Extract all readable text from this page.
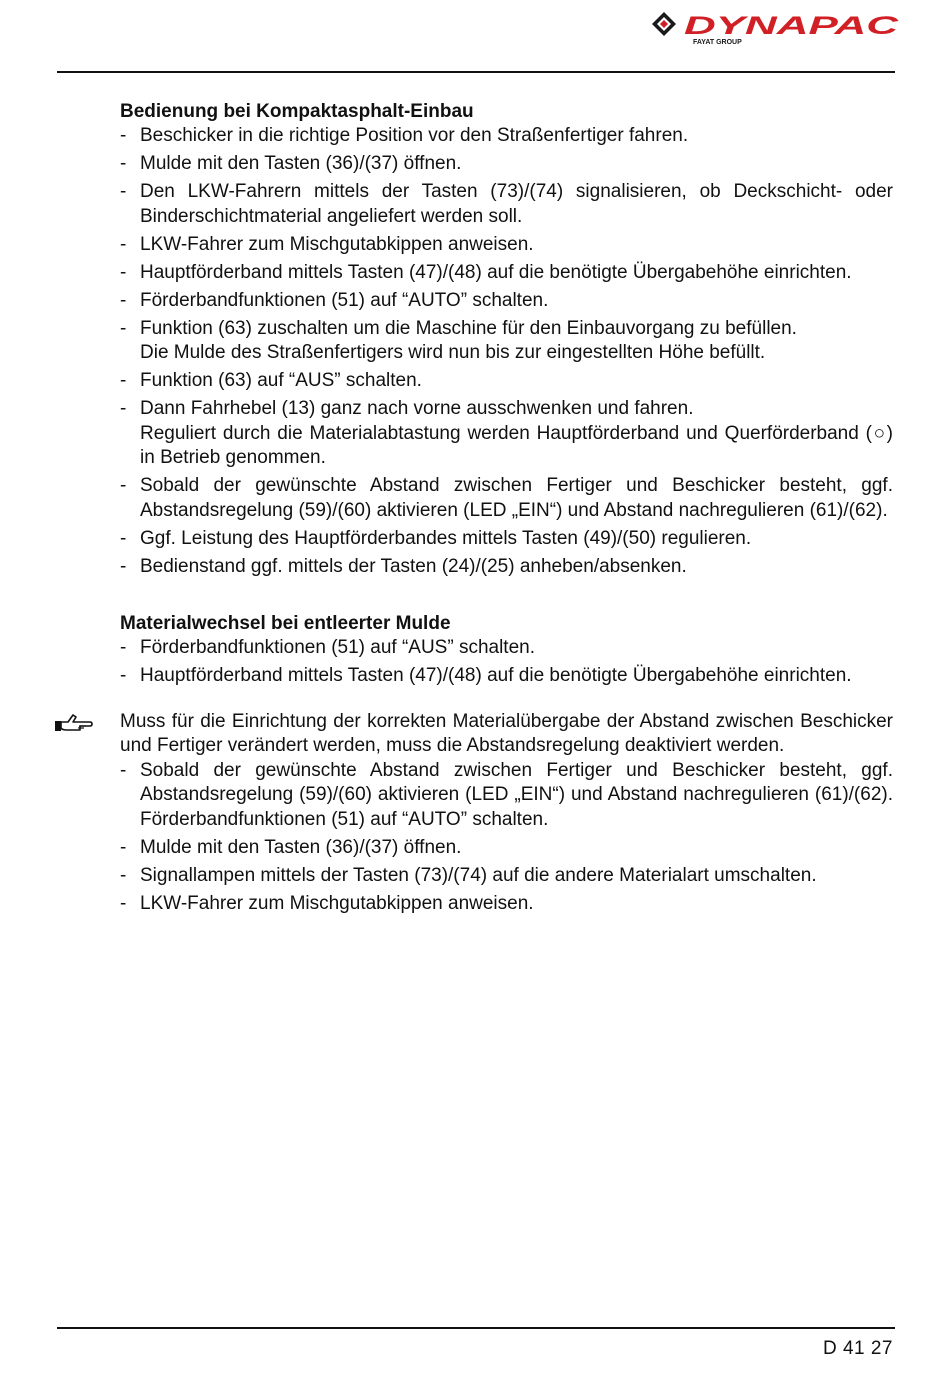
DYNAPAC
FAYAT GROUP
Bedienung bei Kompaktasphalt-Einbau
- Beschicker in die richtige Position vor den Straßenfertiger fahren.
- Mulde mit den Tasten (36)/(37) öffnen.
- Den LKW-Fahrern mittels der Tasten (73)/(74) signalisieren, ob Deckschicht- oder Binderschichtmaterial angeliefert werden soll.
- LKW-Fahrer zum Mischgutabkippen anweisen.
- Hauptförderband mittels Tasten (47)/(48) auf die benötigte Übergabehöhe einrichten.
- Förderbandfunktionen (51) auf “AUTO” schalten.
- Funktion (63) zuschalten um die Maschine für den Einbauvorgang zu befüllen.
Die Mulde des Straßenfertigers wird nun bis zur eingestellten Höhe befüllt.
- Funktion (63) auf “AUS” schalten.
- Dann Fahrhebel (13) ganz nach vorne ausschwenken und fahren.
Reguliert durch die Materialabtastung werden Hauptförderband und Querförderband (○) in Betrieb genommen.
- Sobald der gewünschte Abstand zwischen Fertiger und Beschicker besteht, ggf. Abstandsregelung (59)/(60) aktivieren (LED „EIN“) und Abstand nachregulieren (61)/(62).
- Ggf. Leistung des Hauptförderbandes mittels Tasten (49)/(50) regulieren.
- Bedienstand ggf. mittels der Tasten (24)/(25) anheben/absenken.
Materialwechsel bei entleerter Mulde
- Förderbandfunktionen (51) auf “AUS” schalten.
- Hauptförderband mittels Tasten (47)/(48) auf die benötigte Übergabehöhe einrichten.
Muss für die Einrichtung der korrekten Materialübergabe der Abstand zwischen Beschicker und Fertiger verändert werden, muss die Abstandsregelung deaktiviert werden.
- Sobald der gewünschte Abstand zwischen Fertiger und Beschicker besteht, ggf. Abstandsregelung (59)/(60) aktivieren (LED „EIN“) und Abstand nachregulieren (61)/(62). Förderbandfunktionen (51) auf “AUTO” schalten.
- Mulde mit den Tasten (36)/(37) öffnen.
- Signallampen mittels der Tasten (73)/(74) auf die andere Materialart umschalten.
- LKW-Fahrer zum Mischgutabkippen anweisen.
D 41 27
